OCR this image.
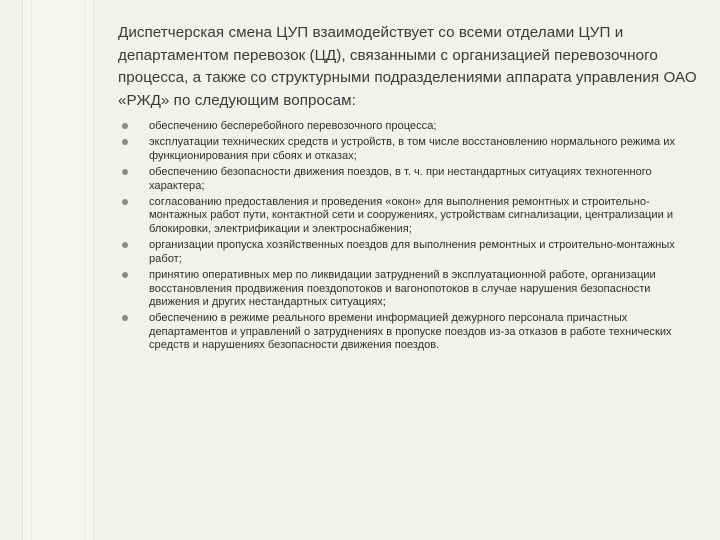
Диспетчерская смена ЦУП взаимодействует со всеми отделами ЦУП и департаментом перевозок (ЦД), связанными с организацией перевозочного процесса, а также со структурными подразделениями аппарата управления ОАО «РЖД» по следующим вопросам:

обеспечению бесперебойного перевозочного процесса;
эксплуатации технических средств и устройств, в том числе восстановлению нормального режима их функционирования при сбоях и отказах;
обеспечению безопасности движения поездов, в т. ч. при нестандартных ситуациях техногенного характера;
согласованию предоставления и проведения «окон» для выполнения ремонтных и строительно-монтажных работ пути, контактной сети и сооружениях, устройствам сигнализации, централизации и блокировки, электрификации и электроснабжения;
организации пропуска хозяйственных поездов для выполнения ремонтных и строительно-монтажных работ;
принятию оперативных мер по ликвидации затруднений в эксплуатационной работе, организации восстановления продвижения поездопотоков и вагонопотоков в случае нарушения безопасности движения и других нестандартных ситуациях;
обеспечению в режиме реального времени информацией дежурного персонала причастных департаментов и управлений о затруднениях в пропуске поездов из-за отказов в работе технических средств и нарушениях безопасности движения поездов.
